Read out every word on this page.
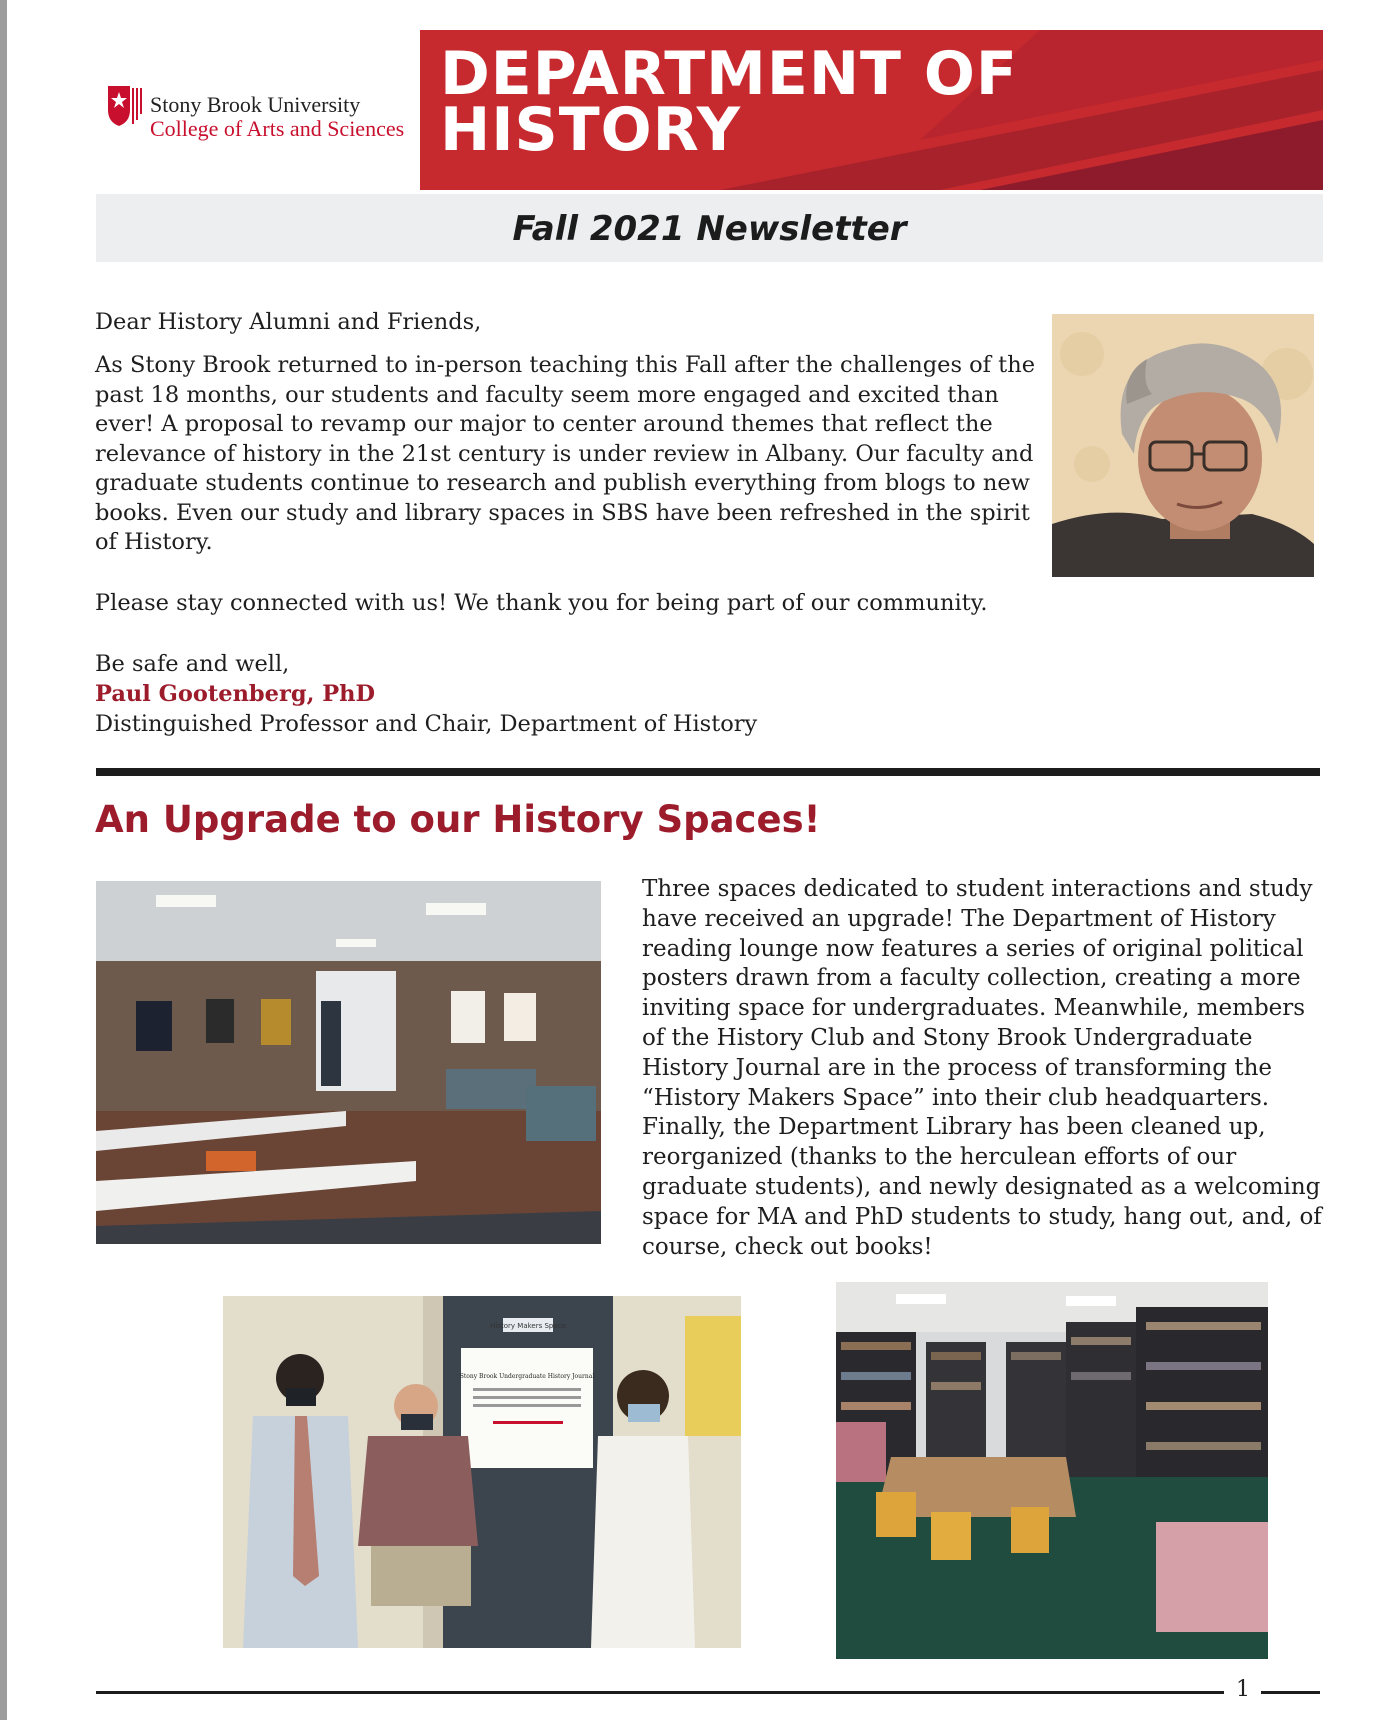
Stony Brook University
College of Arts and Sciences
DEPARTMENT OF HISTORY
Fall 2021 Newsletter

Dear History Alumni and Friends,

As Stony Brook returned to in-person teaching this Fall after the challenges of the past 18 months, our students and faculty seem more engaged and excited than ever! A proposal to revamp our major to center around themes that reflect the relevance of history in the 21st century is under review in Albany. Our faculty and graduate students continue to research and publish everything from blogs to new books. Even our study and library spaces in SBS have been refreshed in the spirit of History.

Please stay connected with us! We thank you for being part of our community.

Be safe and well,

Paul Gootenberg, PhD

Distinguished Professor and Chair, Department of History

An Upgrade to our History Spaces!

Three spaces dedicated to student interactions and study have received an upgrade! The Department of History reading lounge now features a series of original political posters drawn from a faculty collection, creating a more inviting space for undergraduates. Meanwhile, members of the History Club and Stony Brook Undergraduate History Journal are in the process of transforming the “History Makers Space” into their club headquarters. Finally, the Department Library has been cleaned up, reorganized (thanks to the herculean efforts of our graduate students), and newly designated as a welcoming space for MA and PhD students to study, hang out, and, of course, check out books!

History Makers Space
Stony Brook Undergraduate History Journal
1
